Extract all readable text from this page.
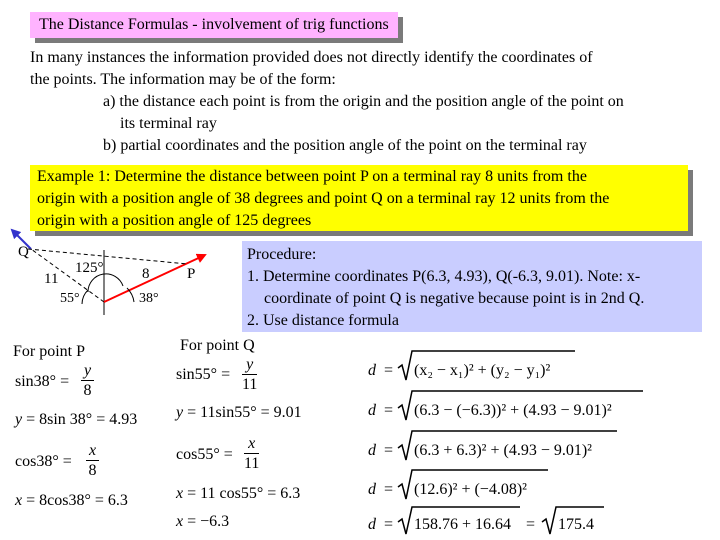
The Distance Formulas - involvement of trig functions
In many instances the information provided does not directly identify the coordinates of
the points. The information may be of the form:
a) the distance each point is from the origin and the position angle of the point on
its terminal ray
b) partial coordinates and the position angle of the point on the terminal ray
Example 1: Determine the distance between point P on a terminal ray 8 units from the
origin with a position angle of 38 degrees and point Q on a terminal ray 12 units from the
origin with a position angle of 125 degrees
Q
P
11	8
125°
55°	38°
Procedure:
1. Determine coordinates P(6.3, 4.93), Q(-6.3, 9.01). Note: x-
coordinate of point Q is negative because point is in 2nd Q.
2. Use distance formula
For point P
$\sin 38^\circ = \frac{y}{8}$
y = 8sin 38° = 4.93
$\cos 38^\circ = \frac{x}{8}$
x = 8cos38° = 6.3
For point Q
$\sin 55^\circ = \frac{y}{11}$
y = 11sin55° = 9.01
$\cos 55^\circ = \frac{x}{11}$
x = 11 cos55° = 6.3
x = −6.3
d = (x₂ − x₁)² + (y₂ − y₁)²
d = (6.3 − (−6.3))² + (4.93 − 9.01)²
d = (6.3 + 6.3)² + (4.93 − 9.01)²
d = (12.6)² + (−4.08)²
d = 158.76 + 16.64 = 175.4
